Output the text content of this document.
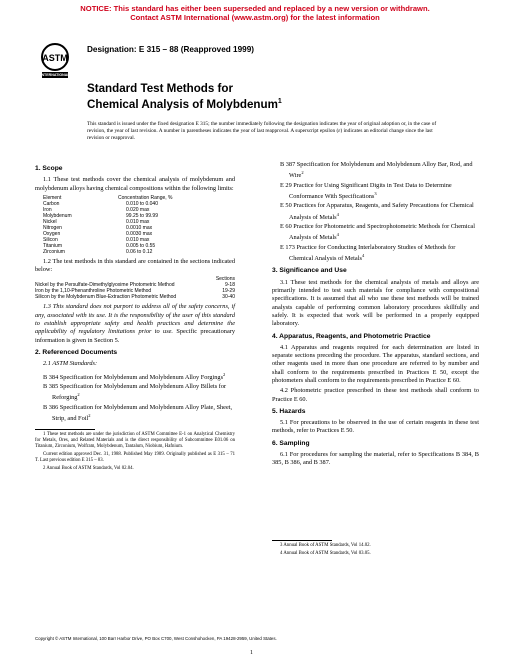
NOTICE: This standard has either been superseded and replaced by a new version or withdrawn.
Contact ASTM International (www.astm.org) for the latest information
ASTM
INTERNATIONAL
Designation: E 315 – 88 (Reapproved 1999)
Standard Test Methods for
Chemical Analysis of Molybdenum$^1$
This standard is issued under the fixed designation E 315; the number immediately following the designation indicates the year of original adoption or, in the case of revision, the year of last revision. A number in parentheses indicates the year of last reapproval. A superscript epsilon (ε) indicates an editorial change since the last revision or reapproval.
1. Scope

1.1 These test methods cover the chemical analysis of molybdenum and molybdenum alloys having chemical compositions within the following limits:

Element	Concentration Range, %
Carbon	0.010 to 0.040
Iron	0.020 max
Molybdenum	99.25 to 99.99
Nickel	0.010 max
Nitrogen	0.0010 max
Oxygen	0.0030 max
Silicon	0.010 max
Titanium	0.005 to 0.55
Zirconium	0.06 to 0.12

1.2 The test methods in this standard are contained in the sections indicated below:

	Sections
Nickel by the Persulfate-Dimethylglyoxime Photometric Method	9-18
Iron by the 1,10-Phenanthroline Photometric Method	19-29
Silicon by the Molybdenum Blue-Extraction Photometric Method	30-40

1.3 This standard does not purport to address all of the safety concerns, if any, associated with its use. It is the responsibility of the user of this standard to establish appropriate safety and health practices and determine the applicability of regulatory limitations prior to use. Specific precautionary information is given in Section 5.

2. Referenced Documents

2.1 ASTM Standards:

B 384 Specification for Molybdenum and Molybdenum Alloy Forgings$^2$
B 385 Specification for Molybdenum and Molybdenum Alloy Billets for Reforging$^2$
B 386 Specification for Molybdenum and Molybdenum Alloy Plate, Sheet, Strip, and Foil$^2$

1 These test methods are under the jurisdiction of ASTM Committee E-1 on Analytical Chemistry for Metals, Ores, and Related Materials and is the direct responsibility of Subcommittee E01.06 on Titanium, Zirconium, Wolfram, Molybdenum, Tantalum, Niobium, Hafnium.

Current edition approved Dec. 31, 1988. Published May 1989. Originally published as E 315 – 71 T. Last previous edition E 315 – 83.

2 Annual Book of ASTM Standards, Vol 02.04.

B 387 Specification for Molybdenum and Molybdenum Alloy Bar, Rod, and Wire$^2$
E 29 Practice for Using Significant Digits in Test Data to Determine Conformance With Specifications$^3$
E 50 Practices for Apparatus, Reagents, and Safety Precautions for Chemical Analysis of Metals$^4$
E 60 Practice for Photometric and Spectrophotometric Methods for Chemical Analysis of Metals$^4$
E 173 Practice for Conducting Interlaboratory Studies of Methods for Chemical Analysis of Metals$^4$
3. Significance and Use

3.1 These test methods for the chemical analysis of metals and alloys are primarily intended to test such materials for compliance with compositional specifications. It is assumed that all who use these test methods will be trained analysts capable of performing common laboratory procedures skillfully and safely. It is expected that work will be performed in a properly equipped laboratory.

4. Apparatus, Reagents, and Photometric Practice

4.1 Apparatus and reagents required for each determination are listed in separate sections preceding the procedure. The apparatus, standard sections, and other reagents used in more than one procedure are referred to by number and shall conform to the requirements prescribed in Practices E 50, except the photometers shall conform to the requirements prescribed in Practice E 60.

4.2 Photometric practice prescribed in these test methods shall conform to Practice E 60.

5. Hazards

5.1 For precautions to be observed in the use of certain reagents in these test methods, refer to Practices E 50.

6. Sampling

6.1 For procedures for sampling the material, refer to Specifications B 384, B 385, B 386, and B 387.

3 Annual Book of ASTM Standards, Vol 14.02.

4 Annual Book of ASTM Standards, Vol 03.05.

Copyright © ASTM International, 100 Barr Harbor Drive, PO Box C700, West Conshohocken, PA 19428-2959, United States.
1
